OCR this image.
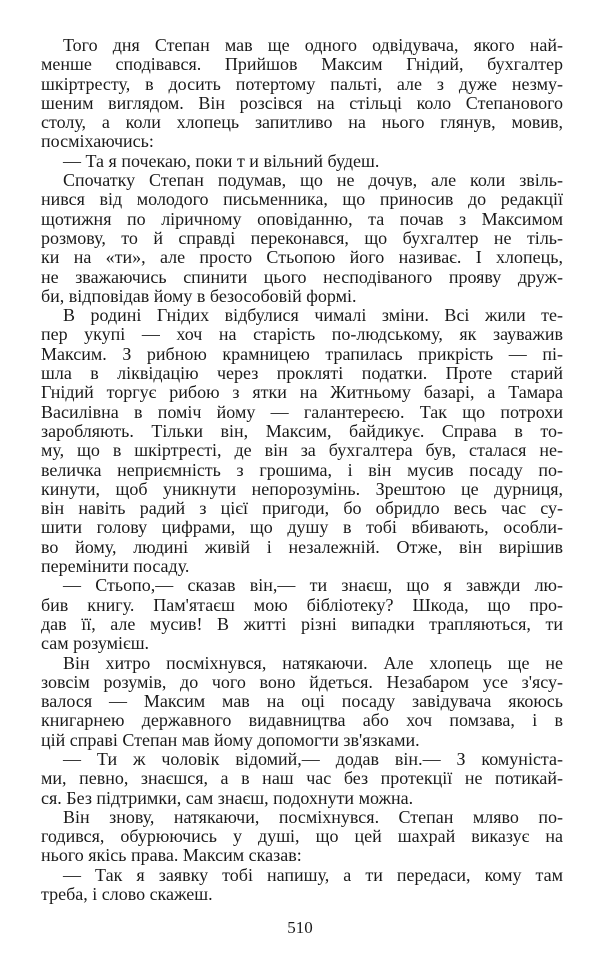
Того дня Степан мав ще одного одвідувача, якого най-
менше сподівався. Прийшов Максим Гнідий, бухгалтер
шкіртресту, в досить потертому пальті, але з дуже незму-
шеним виглядом. Він розсівся на стільці коло Степанового
столу, а коли хлопець запитливо на нього глянув, мовив,
посміхаючись:
— Та я почекаю, поки т и вільний будеш.
Спочатку Степан подумав, що не дочув, але коли звіль-
нився від молодого письменника, що приносив до редакції
щотижня по ліричному оповіданню, та почав з Максимом
розмову, то й справді переконався, що бухгалтер не тіль-
ки на «ти», але просто Стьопою його називає. І хлопець,
не зважаючись спинити цього несподіваного прояву друж-
би, відповідав йому в безособовій формі.
В родині Гнідих відбулися чималі зміни. Всі жили те-
пер укупі — хоч на старість по-людському, як зауважив
Максим. З рибною крамницею трапилась прикрість — пі-
шла в ліквідацію через прокляті податки. Проте старий
Гнідий торгує рибою з ятки на Житньому базарі, а Тамара
Василівна в поміч йому — галантереєю. Так що потрохи
заробляють. Тільки він, Максим, байдикує. Справа в то-
му, що в шкіртресті, де він за бухгалтера був, сталася не-
величка неприємність з грошима, і він мусив посаду по-
кинути, щоб уникнути непорозумінь. Зрештою це дурниця,
він навіть радий з цієї пригоди, бо обридло весь час су-
шити голову цифрами, що душу в тобі вбивають, особли-
во йому, людині живій і незалежній. Отже, він вирішив
перемінити посаду.
— Стьопо,— сказав він,— ти знаєш, що я завжди лю-
бив книгу. Пам'ятаєш мою бібліотеку? Шкода, що про-
дав її, але мусив! В житті різні випадки трапляються, ти
сам розумієш.
Він хитро посміхнувся, натякаючи. Але хлопець ще не
зовсім розумів, до чого воно йдеться. Незабаром усе з'ясу-
валося — Максим мав на оці посаду завідувача якоюсь
книгарнею державного видавництва або хоч помзава, і в
цій справі Степан мав йому допомогти зв'язками.
— Ти ж чоловік відомий,— додав він.— З комуніста-
ми, певно, знаєшся, а в наш час без протекції не потикай-
ся. Без підтримки, сам знаєш, подохнути можна.
Він знову, натякаючи, посміхнувся. Степан мляво по-
годився, обурюючись у душі, що цей шахрай виказує на
нього якісь права. Максим сказав:
— Так я заявку тобі напишу, а ти передаси, кому там
треба, і слово скажеш.
510
